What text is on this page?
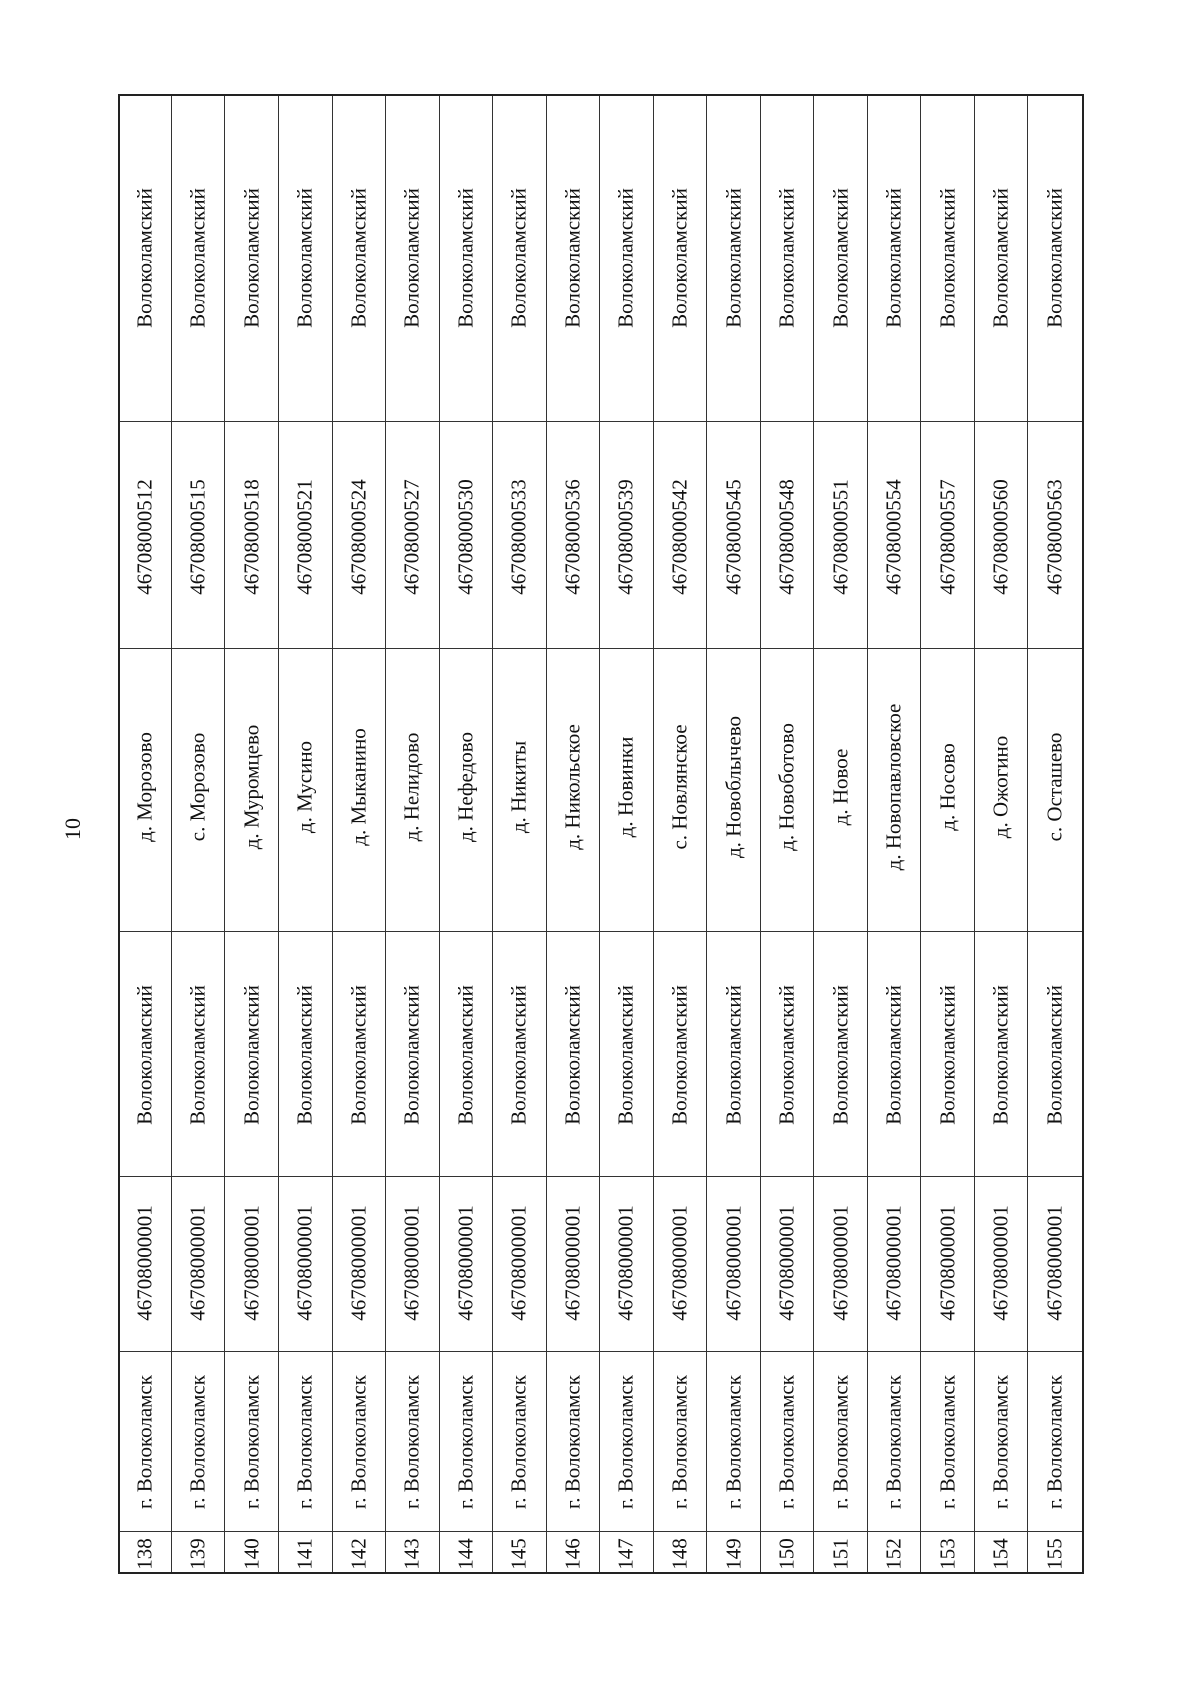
10
138
г. Волоколамск
46708000001
Волоколамский
д. Морозово
46708000512
Волоколамский
139
г. Волоколамск
46708000001
Волоколамский
с. Морозово
46708000515
Волоколамский
140
г. Волоколамск
46708000001
Волоколамский
д. Муромцево
46708000518
Волоколамский
141
г. Волоколамск
46708000001
Волоколамский
д. Мусино
46708000521
Волоколамский
142
г. Волоколамск
46708000001
Волоколамский
д. Мыканино
46708000524
Волоколамский
143
г. Волоколамск
46708000001
Волоколамский
д. Нелидово
46708000527
Волоколамский
144
г. Волоколамск
46708000001
Волоколамский
д. Нефедово
46708000530
Волоколамский
145
г. Волоколамск
46708000001
Волоколамский
д. Никиты
46708000533
Волоколамский
146
г. Волоколамск
46708000001
Волоколамский
д. Никольское
46708000536
Волоколамский
147
г. Волоколамск
46708000001
Волоколамский
д. Новинки
46708000539
Волоколамский
148
г. Волоколамск
46708000001
Волоколамский
с. Новлянское
46708000542
Волоколамский
149
г. Волоколамск
46708000001
Волоколамский
д. Новоблычево
46708000545
Волоколамский
150
г. Волоколамск
46708000001
Волоколамский
д. Новоботово
46708000548
Волоколамский
151
г. Волоколамск
46708000001
Волоколамский
д. Новое
46708000551
Волоколамский
152
г. Волоколамск
46708000001
Волоколамский
д. Новопавловское
46708000554
Волоколамский
153
г. Волоколамск
46708000001
Волоколамский
д. Носово
46708000557
Волоколамский
154
г. Волоколамск
46708000001
Волоколамский
д. Ожогино
46708000560
Волоколамский
155
г. Волоколамск
46708000001
Волоколамский
с. Осташево
46708000563
Волоколамский
